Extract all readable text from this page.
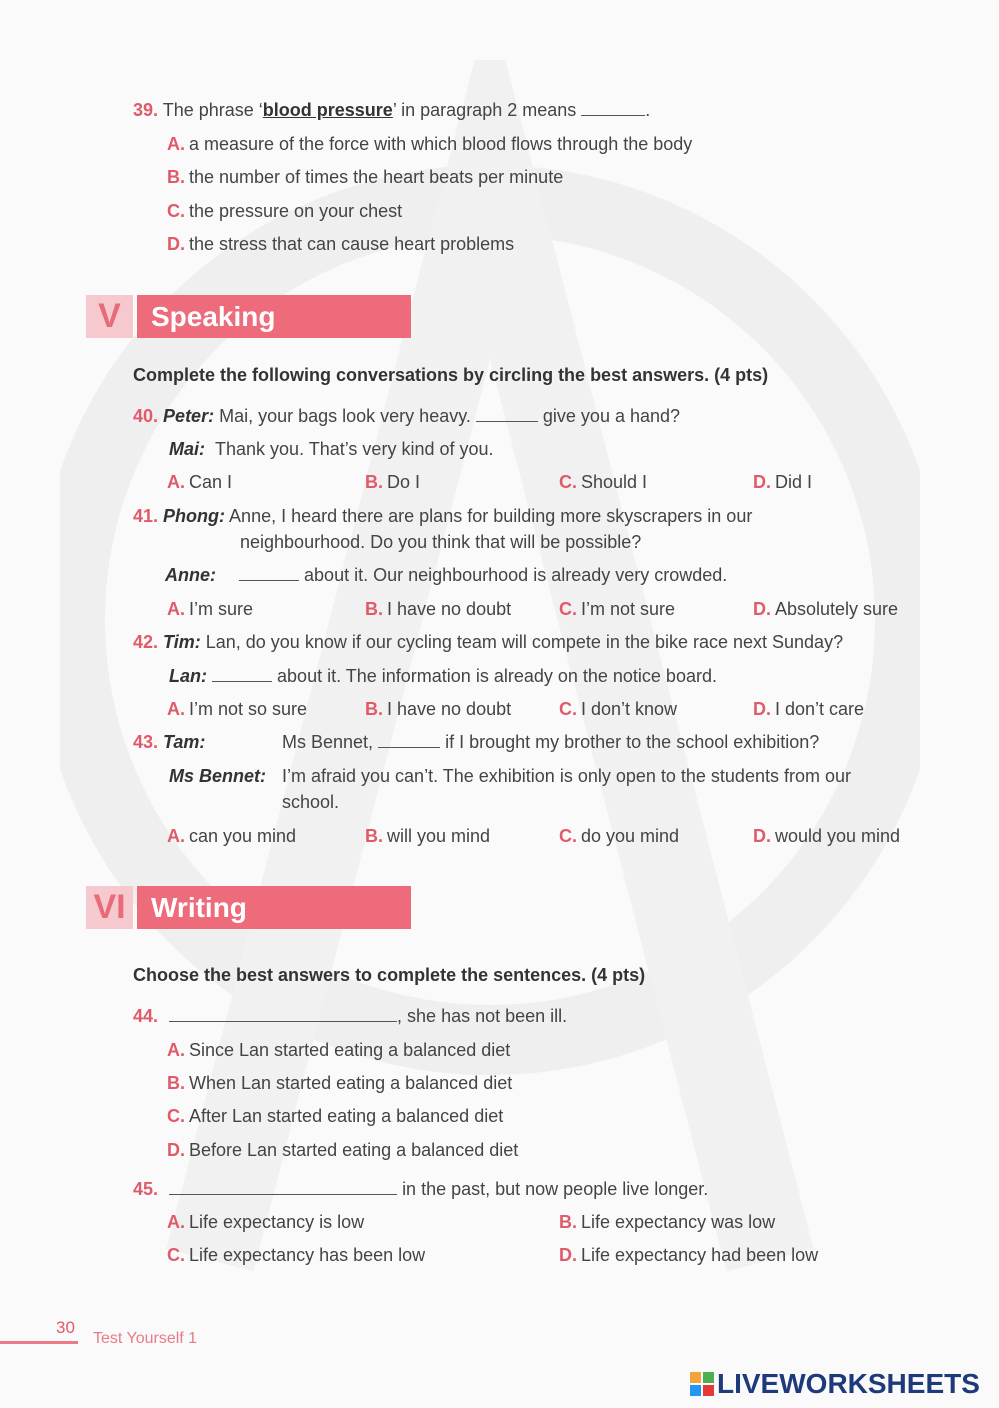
39. The phrase ‘blood pressure’ in paragraph 2 means	.
A. a measure of the force with which blood flows through the body
B. the number of times the heart beats per minute
C. the pressure on your chest
D. the stress that can cause heart problems
V	Speaking
Complete the following conversations by circling the best answers. (4 pts)
40. Peter: Mai, your bags look very heavy.	give you a hand?
Mai: Thank you. That’s very kind of you.
A. Can I	B. Do I	C. Should I	D. Did I
41. Phong: Anne, I heard there are plans for building more skyscrapers in our
neighbourhood. Do you think that will be possible?
Anne:	about it. Our neighbourhood is already very crowded.
A. I’m sure	B. I have no doubt	C. I’m not sure	D. Absolutely sure
42. Tim: Lan, do you know if our cycling team will compete in the bike race next Sunday?
Lan:	about it. The information is already on the notice board.
A. I’m not so sure	B. I have no doubt	C. I don’t know	D. I don’t care
43. Tam:	Ms Bennet,	if I brought my brother to the school exhibition?
Ms Bennet: I’m afraid you can’t. The exhibition is only open to the students from our
school.
A. can you mind	B. will you mind	C. do you mind	D. would you mind
VI Writing
Choose the best answers to complete the sentences. (4 pts)
44.	, she has not been ill.
A. Since Lan started eating a balanced diet
B. When Lan started eating a balanced diet
C. After Lan started eating a balanced diet
D. Before Lan started eating a balanced diet
45.	in the past, but now people live longer.
A. Life expectancy is low	B. Life expectancy was low
C. Life expectancy has been low	D. Life expectancy had been low
30
Test Yourself 1
LIVEWORKSHEETS
